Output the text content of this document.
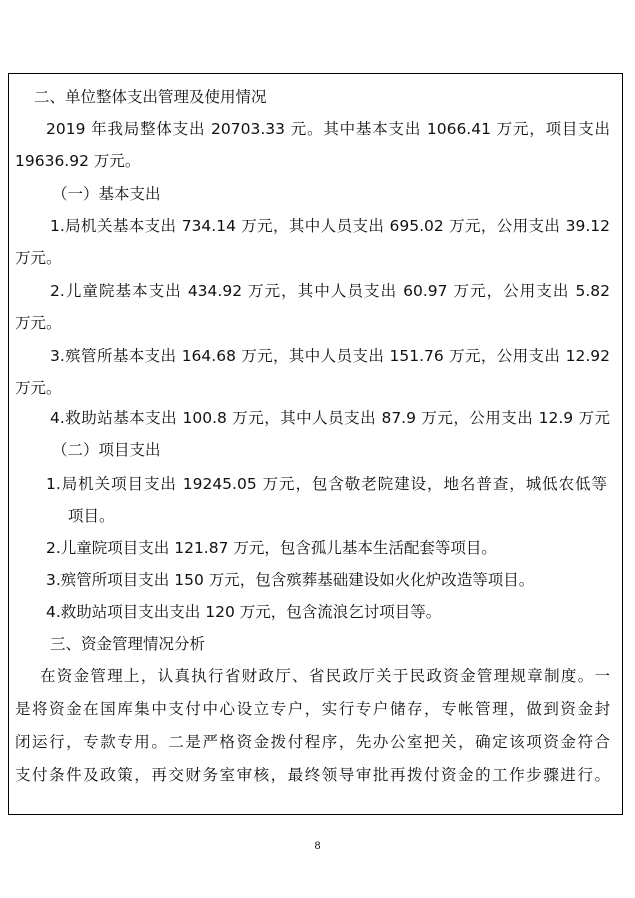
二、单位整体支出管理及使用情况
2019 年我局整体支出 20703.33 元。其中基本支出 1066.41 万元，项目支出
19636.92 万元。
（一）基本支出
1.局机关基本支出 734.14 万元，其中人员支出 695.02 万元，公用支出 39.12
万元。
2.儿童院基本支出 434.92 万元，其中人员支出 60.97 万元，公用支出 5.82
万元。
3.殡管所基本支出 164.68 万元，其中人员支出 151.76 万元，公用支出 12.92
万元。
4.救助站基本支出 100.8 万元，其中人员支出 87.9 万元，公用支出 12.9 万元
（二）项目支出
1.局机关项目支出 19245.05 万元，包含敬老院建设，地名普查，城低农低等
项目。
2.儿童院项目支出 121.87 万元，包含孤儿基本生活配套等项目。
3.殡管所项目支出 150 万元，包含殡葬基础建设如火化炉改造等项目。
4.救助站项目支出支出 120 万元，包含流浪乞讨项目等。
三、资金管理情况分析
在资金管理上，认真执行省财政厅、省民政厅关于民政资金管理规章制度。一
是将资金在国库集中支付中心设立专户，实行专户储存，专帐管理，做到资金封
闭运行，专款专用。二是严格资金拨付程序，先办公室把关，确定该项资金符合
支付条件及政策，再交财务室审核，最终领导审批再拨付资金的工作步骤进行。
8
